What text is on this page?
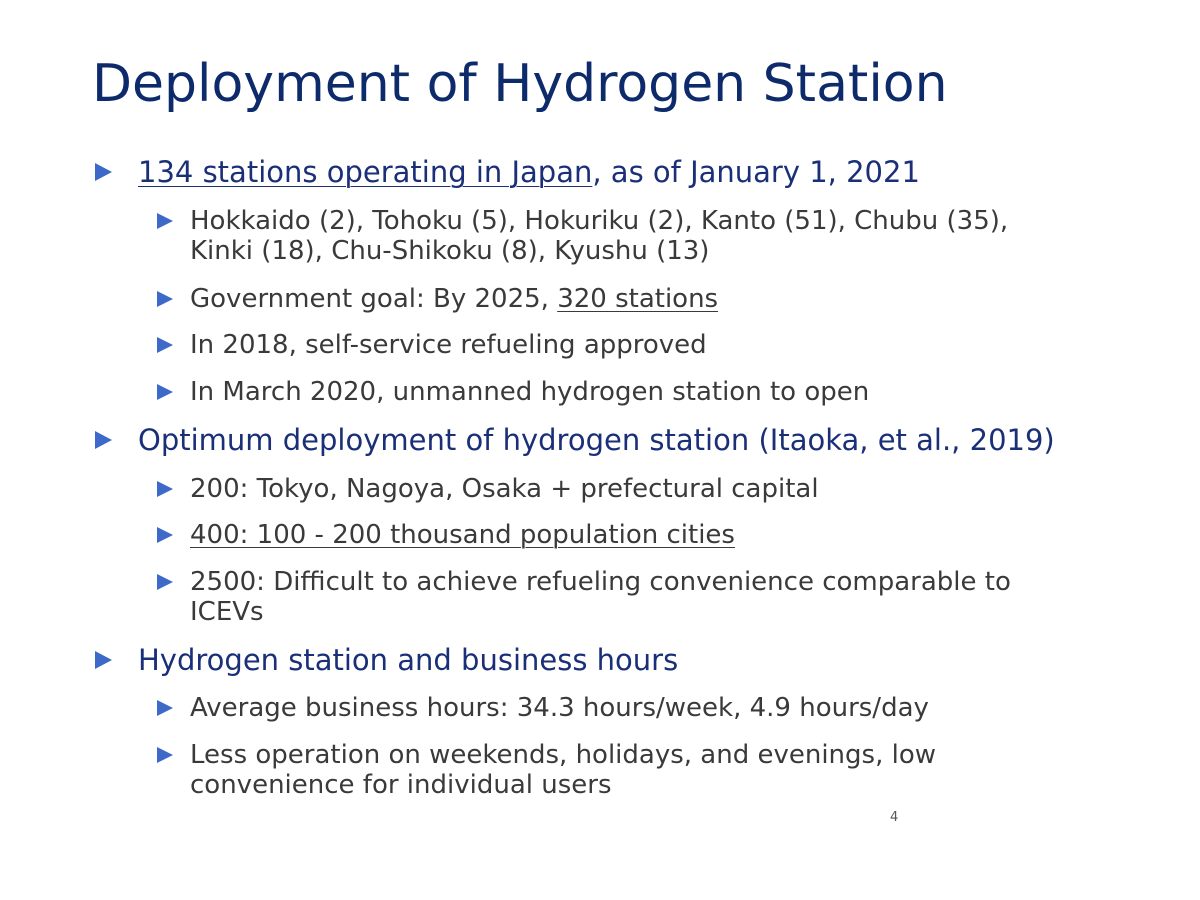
Deployment of Hydrogen Station
134 stations operating in Japan, as of January 1, 2021
Hokkaido (2), Tohoku (5), Hokuriku (2), Kanto (51), Chubu (35),
Kinki (18), Chu-Shikoku (8), Kyushu (13)
Government goal: By 2025, 320 stations
In 2018, self-service refueling approved
In March 2020, unmanned hydrogen station to open
Optimum deployment of hydrogen station (Itaoka, et al., 2019)
200: Tokyo, Nagoya, Osaka + prefectural capital
400: 100 - 200 thousand population cities
2500: Difficult to achieve refueling convenience comparable to
ICEVs
Hydrogen station and business hours
Average business hours: 34.3 hours/week, 4.9 hours/day
Less operation on weekends, holidays, and evenings, low
convenience for individual users
4
